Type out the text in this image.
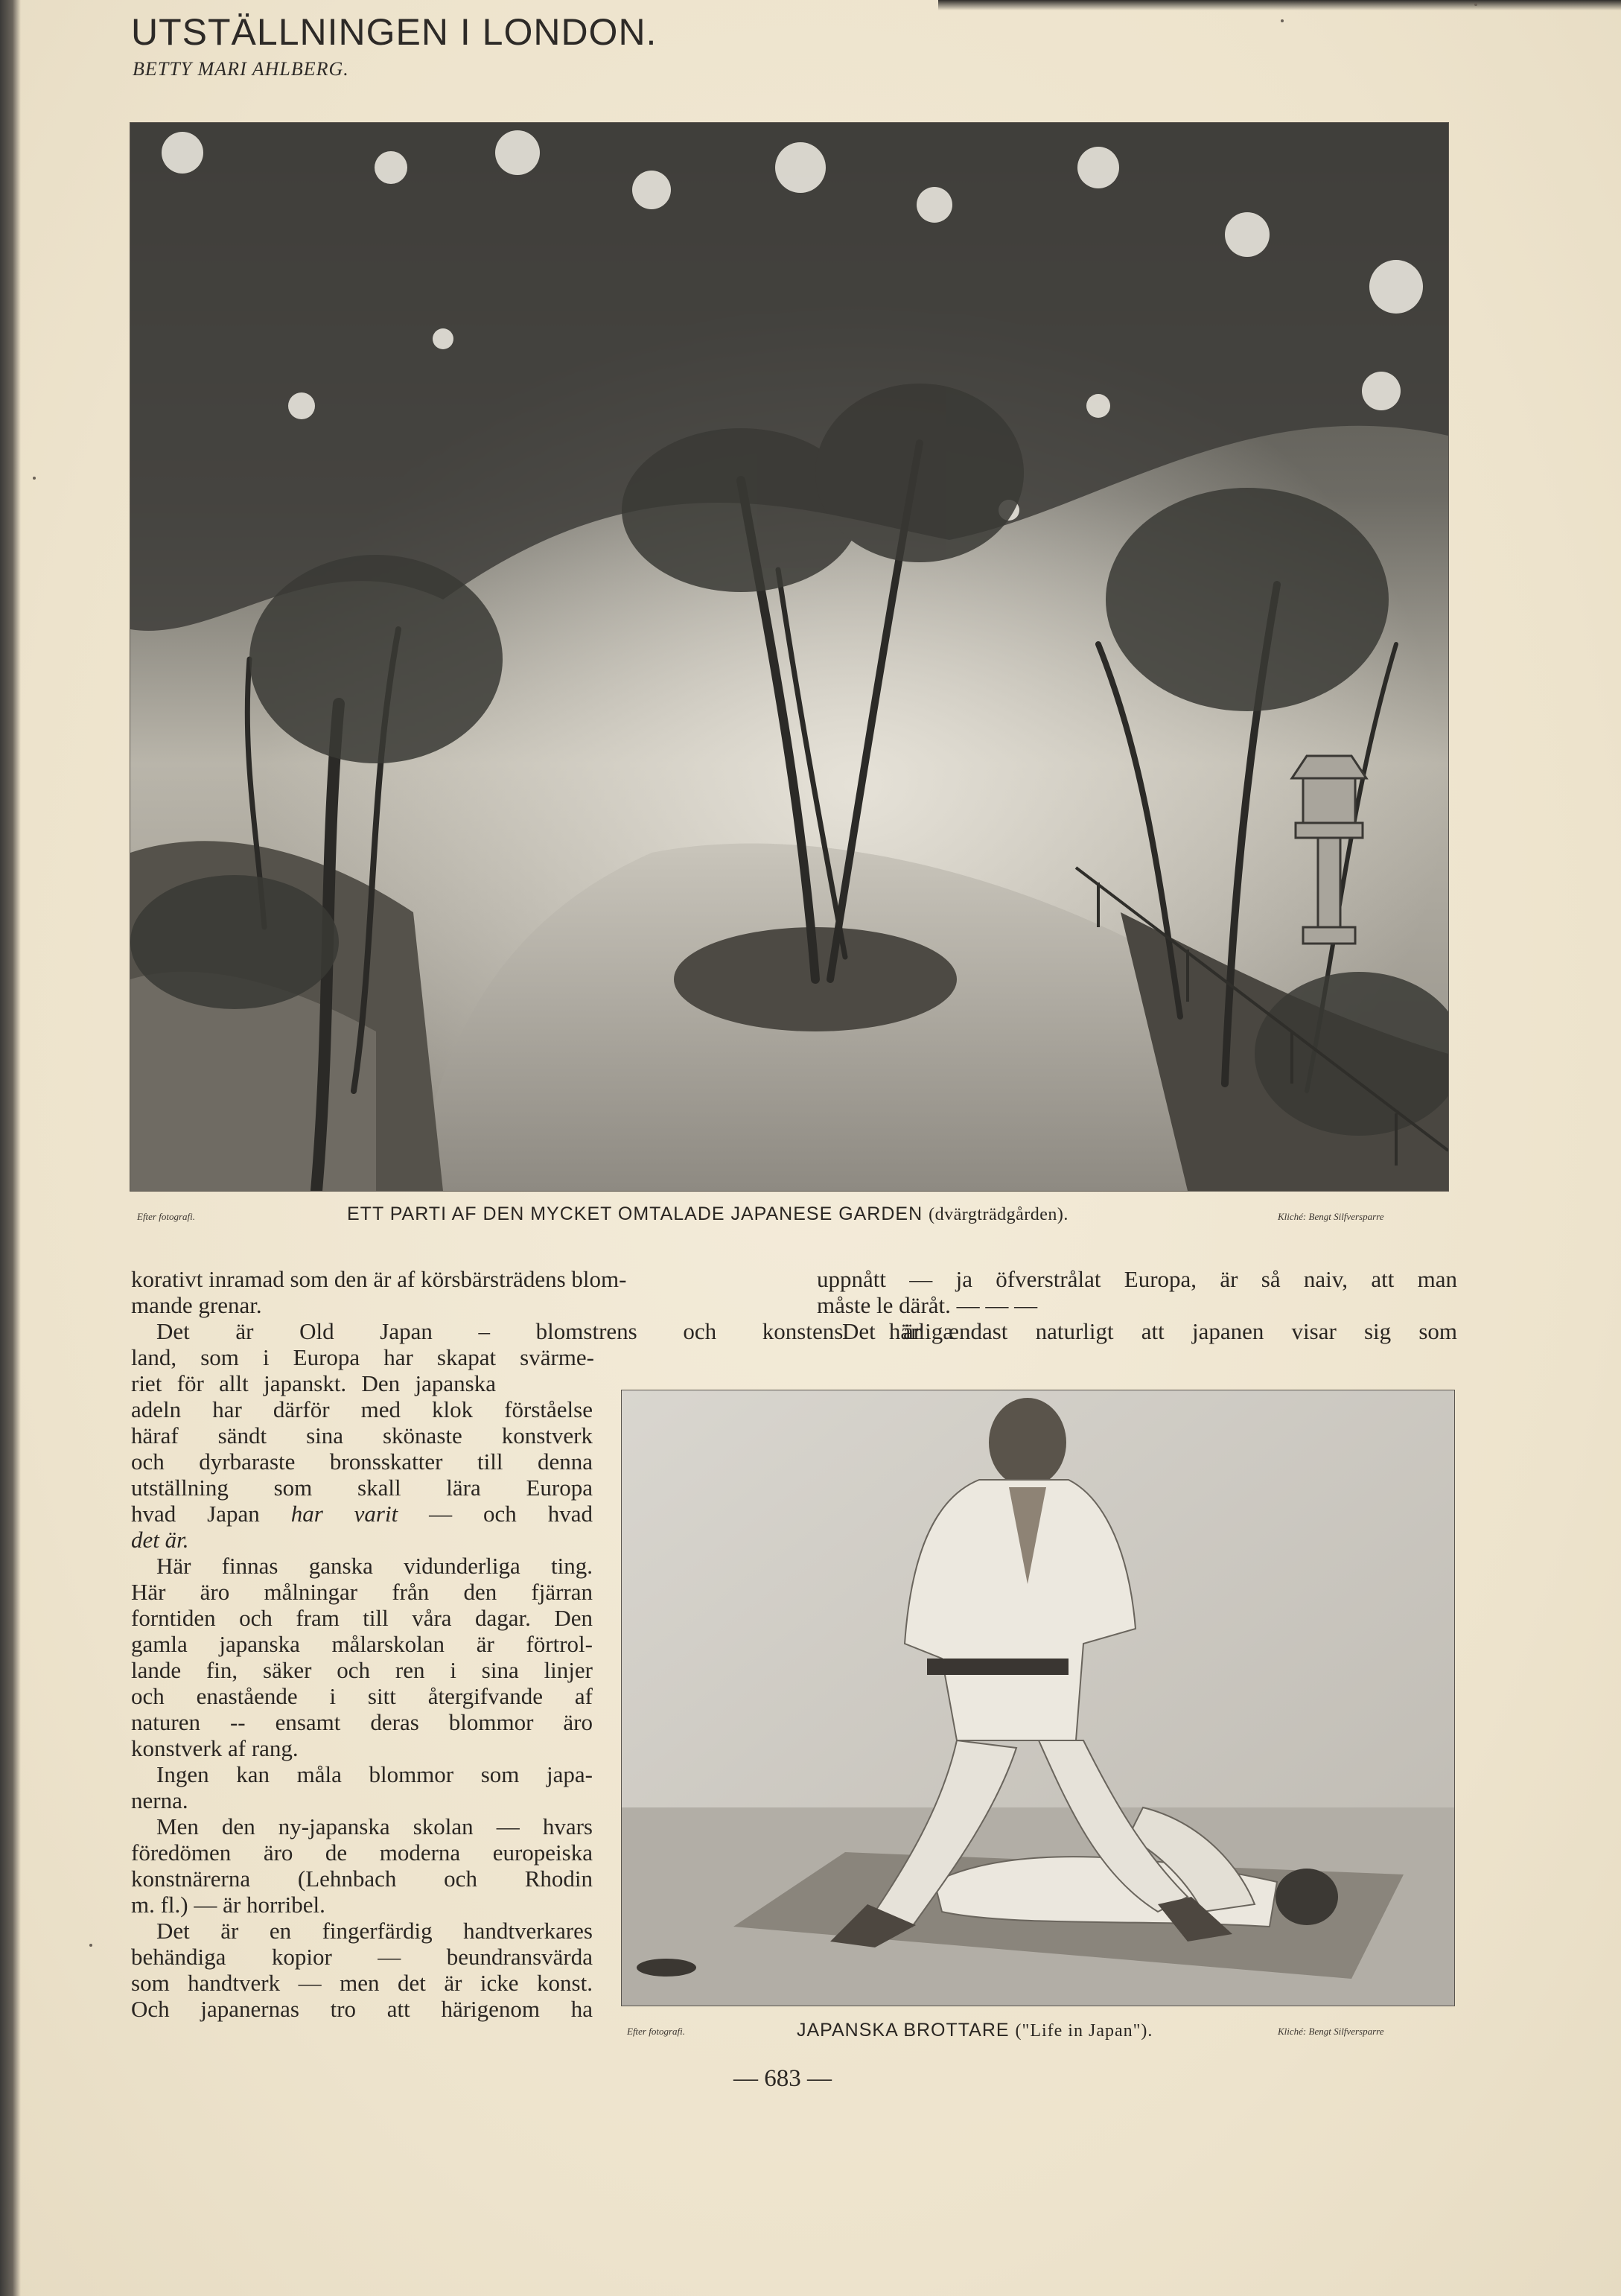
UTSTÄLLNINGEN I LONDON.
BETTY MARI AHLBERG.
Efter fotografi.	ETT PARTI AF DEN MYCKET OMTALADE JAPANESE GARDEN (dvärgträdgården).	Kliché: Bengt Silfversparre
korativt inramad som den är af körsbärsträdens blom-
mande grenar.
Det är Old Japan – blomstrens och konstens härliga
land, som i Europa har skapat svärme-
riet för allt japanskt. Den japanska
adeln har därför med klok förståelse
häraf sändt sina skönaste konstverk
och dyrbaraste bronsskatter till denna
utställning som skall lära Europa
hvad Japan har varit — och hvad
det är.
Här finnas ganska vidunderliga ting.
Här äro målningar från den fjärran
forntiden och fram till våra dagar. Den
gamla japanska målarskolan är förtrol-
lande fin, säker och ren i sina linjer
och enastående i sitt återgifvande af
naturen -- ensamt deras blommor äro
konstverk af rang.
Ingen kan måla blommor som japa-
nerna.
Men den ny-japanska skolan — hvars
föredömen äro de moderna europeiska
konstnärerna (Lehnbach och Rhodin
m. fl.) — är horribel.
Det är en fingerfärdig handtverkares
behändiga kopior — beundransvärda
som handtverk — men det är icke konst.
Och japanernas tro att härigenom ha
uppnått — ja öfverstrålat Europa, är så naiv, att man
måste le däråt. — — —
Det är endast naturligt att japanen visar sig som
Efter fotografi.	JAPANSKA BROTTARE ("Life in Japan").	Kliché: Bengt Silfversparre
— 683 —
